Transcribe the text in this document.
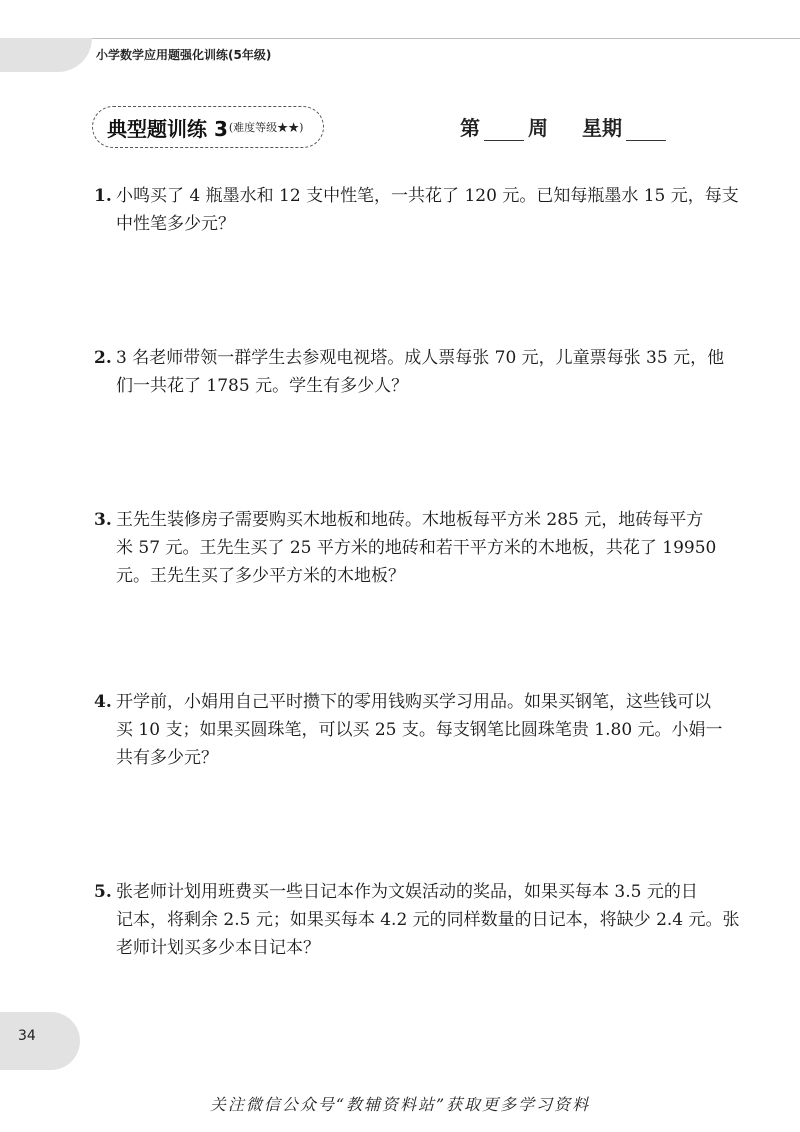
小学数学应用题强化训练(5年级)
典型题训练 3 (难度等级★★)	第 周 星期
1. 小鸣买了 4 瓶墨水和 12 支中性笔，一共花了 120 元。已知每瓶墨水 15 元，每支
中性笔多少元？
2. 3 名老师带领一群学生去参观电视塔。成人票每张 70 元，儿童票每张 35 元，他
们一共花了 1785 元。学生有多少人？
3. 王先生装修房子需要购买木地板和地砖。木地板每平方米 285 元，地砖每平方
米 57 元。王先生买了 25 平方米的地砖和若干平方米的木地板，共花了 19950
元。王先生买了多少平方米的木地板？
4. 开学前，小娟用自己平时攒下的零用钱购买学习用品。如果买钢笔，这些钱可以
买 10 支；如果买圆珠笔，可以买 25 支。每支钢笔比圆珠笔贵 1.80 元。小娟一
共有多少元？
5. 张老师计划用班费买一些日记本作为文娱活动的奖品，如果买每本 3.5 元的日
记本，将剩余 2.5 元；如果买每本 4.2 元的同样数量的日记本，将缺少 2.4 元。张
老师计划买多少本日记本？
34
关注微信公众号“教辅资料站”获取更多学习资料
